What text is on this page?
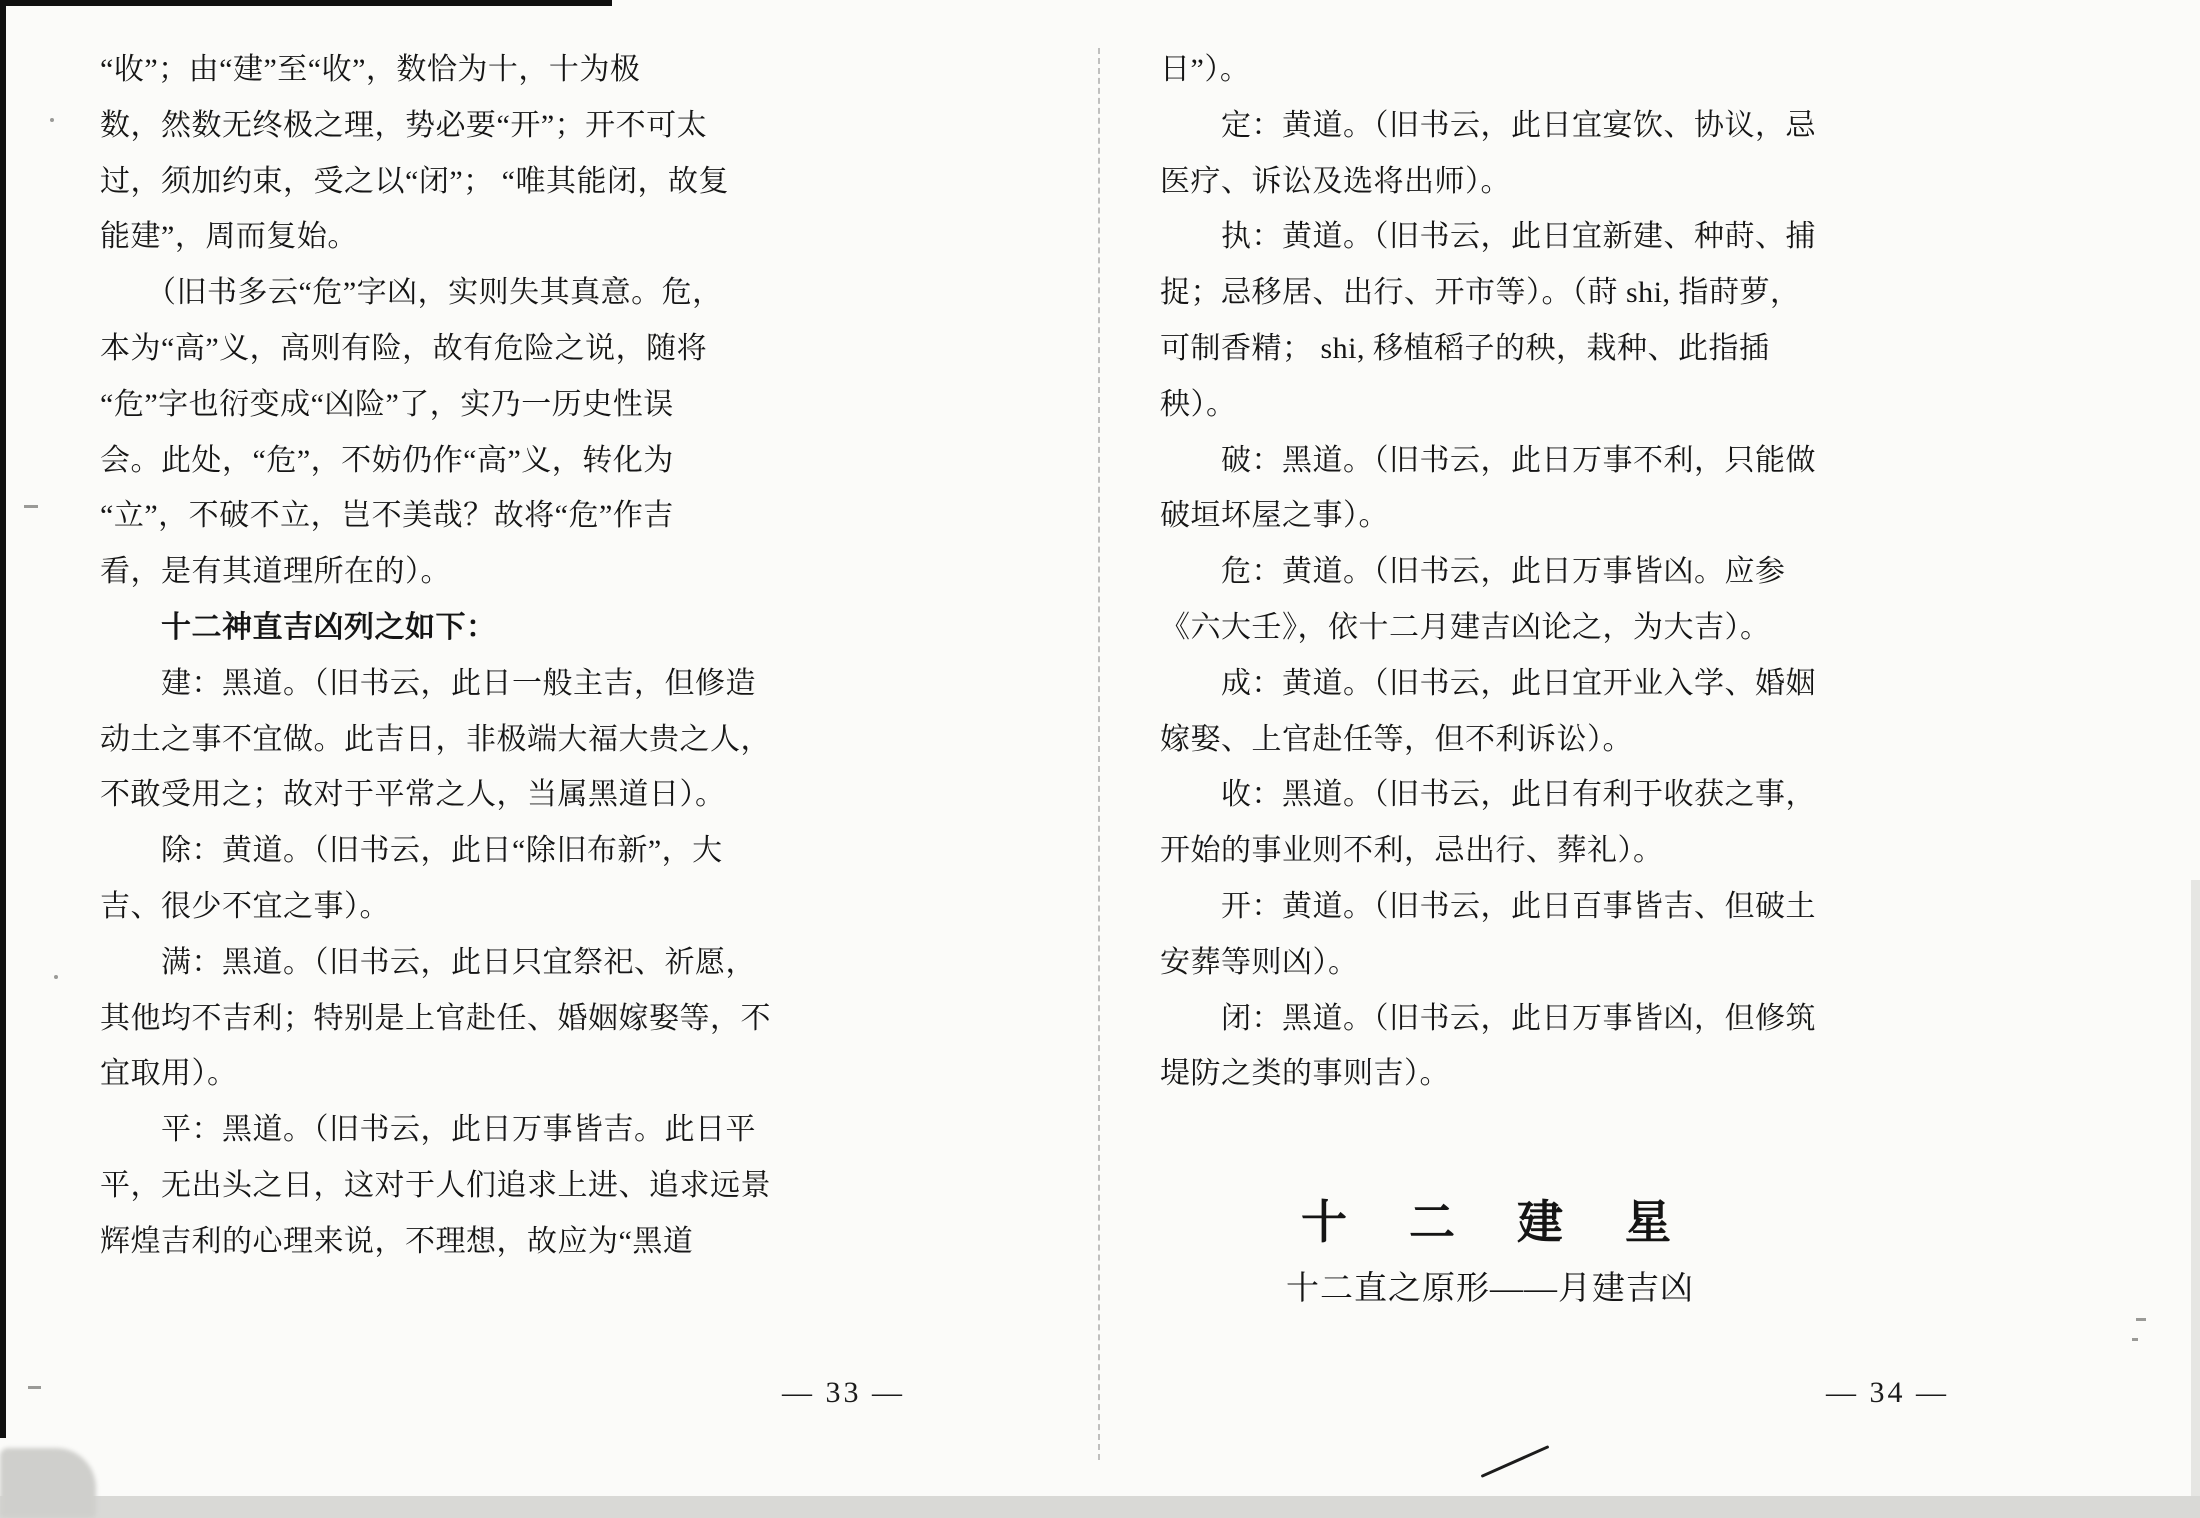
“收”；由“建”至“收”，数恰为十，十为极
数，然数无终极之理，势必要“开”；开不可太
过，须加约束，受之以“闭”； “唯其能闭，故复
能建”，周而复始。
　　（旧书多云“危”字凶，实则失其真意。危，
本为“高”义，高则有险，故有危险之说，随将
“危”字也衍变成“凶险”了，实乃一历史性误
会。此处，“危”，不妨仍作“高”义，转化为
“立”，不破不立，岂不美哉？故将“危”作吉
看，是有其道理所在的）。
　　十二神直吉凶列之如下：
　　建：黑道。（旧书云，此日一般主吉，但修造
动土之事不宜做。此吉日，非极端大福大贵之人，
不敢受用之；故对于平常之人，当属黑道日）。
　　除：黄道。（旧书云，此日“除旧布新”，大
吉、很少不宜之事）。
　　满：黑道。（旧书云，此日只宜祭祀、祈愿，
其他均不吉利；特别是上官赴任、婚姻嫁娶等，不
宜取用）。
　　平：黑道。（旧书云，此日万事皆吉。此日平
平，无出头之日，这对于人们追求上进、追求远景
辉煌吉利的心理来说，不理想，故应为“黑道
日”）。
　　定：黄道。（旧书云，此日宜宴饮、协议，忌
医疗、诉讼及选将出师）。
　　执：黄道。（旧书云，此日宜新建、种莳、捕
捉；忌移居、出行、开市等）。（莳 shi, 指莳萝，
可制香精； shi, 移植稻子的秧，栽种、此指插
秧）。
　　破：黑道。（旧书云，此日万事不利，只能做
破垣坏屋之事）。
　　危：黄道。（旧书云，此日万事皆凶。应参
《六大壬》，依十二月建吉凶论之，为大吉）。
　　成：黄道。（旧书云，此日宜开业入学、婚姻
嫁娶、上官赴任等，但不利诉讼）。
　　收：黑道。（旧书云，此日有利于收获之事，
开始的事业则不利，忌出行、葬礼）。
　　开：黄道。（旧书云，此日百事皆吉、但破土
安葬等则凶）。
　　闭：黑道。（旧书云，此日万事皆凶，但修筑
堤防之类的事则吉）。
十　二　建　星
十二直之原形——月建吉凶
— 33 —	— 34 —
